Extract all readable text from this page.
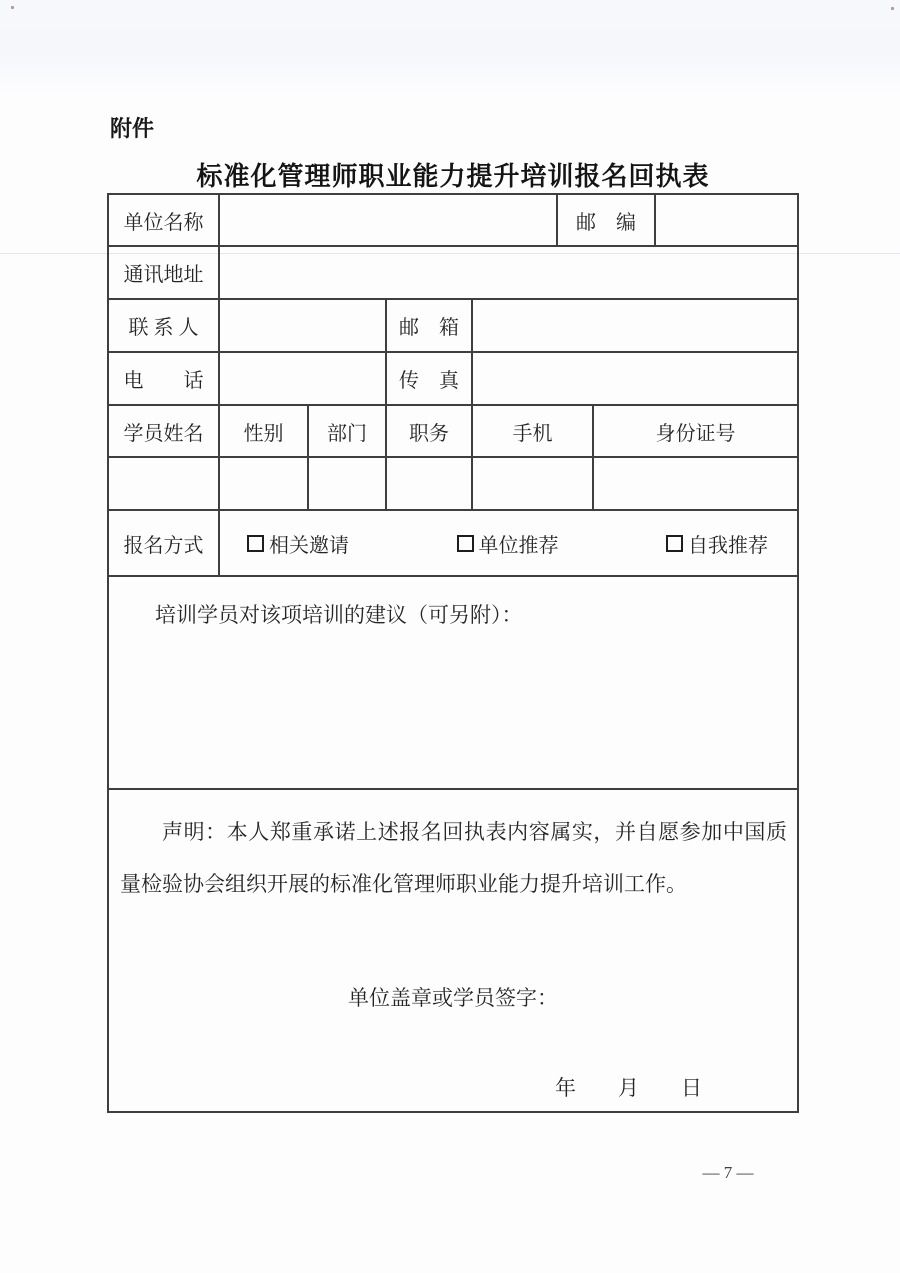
附件
标准化管理师职业能力提升培训报名回执表
单位名称	邮　编
通讯地址
联 系 人	邮　箱
电　　话	传　真
学员姓名	性别	部门	职务	手机	身份证号
报名方式	相关邀请	单位推荐	自我推荐
培训学员对该项培训的建议（可另附）：
声明：本人郑重承诺上述报名回执表内容属实，并自愿参加中国质量检验协会组织开展的标准化管理师职业能力提升培训工作。
单位盖章或学员签字：
年　　月　　日
— 7 —
